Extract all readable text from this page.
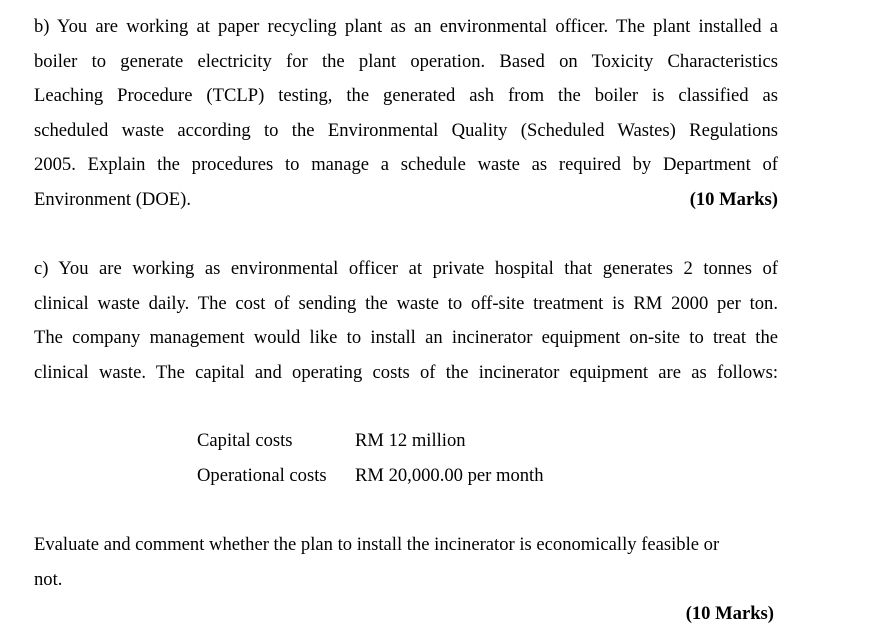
b) You are working at paper recycling plant as an environmental officer. The plant installed a
boiler to generate electricity for the plant operation. Based on Toxicity Characteristics
Leaching Procedure (TCLP) testing, the generated ash from the boiler is classified as
scheduled waste according to the Environmental Quality (Scheduled Wastes) Regulations
2005. Explain the procedures to manage a schedule waste as required by Department of
Environment (DOE).	(10 Marks)
c) You are working as environmental officer at private hospital that generates 2 tonnes of
clinical waste daily. The cost of sending the waste to off-site treatment is RM 2000 per ton.
The company management would like to install an incinerator equipment on-site to treat the
clinical waste. The capital and operating costs of the incinerator equipment are as follows:
Capital costs	RM 12 million
Operational costs	RM 20,000.00 per month
Evaluate and comment whether the plan to install the incinerator is economically feasible or
not.
(10 Marks)
